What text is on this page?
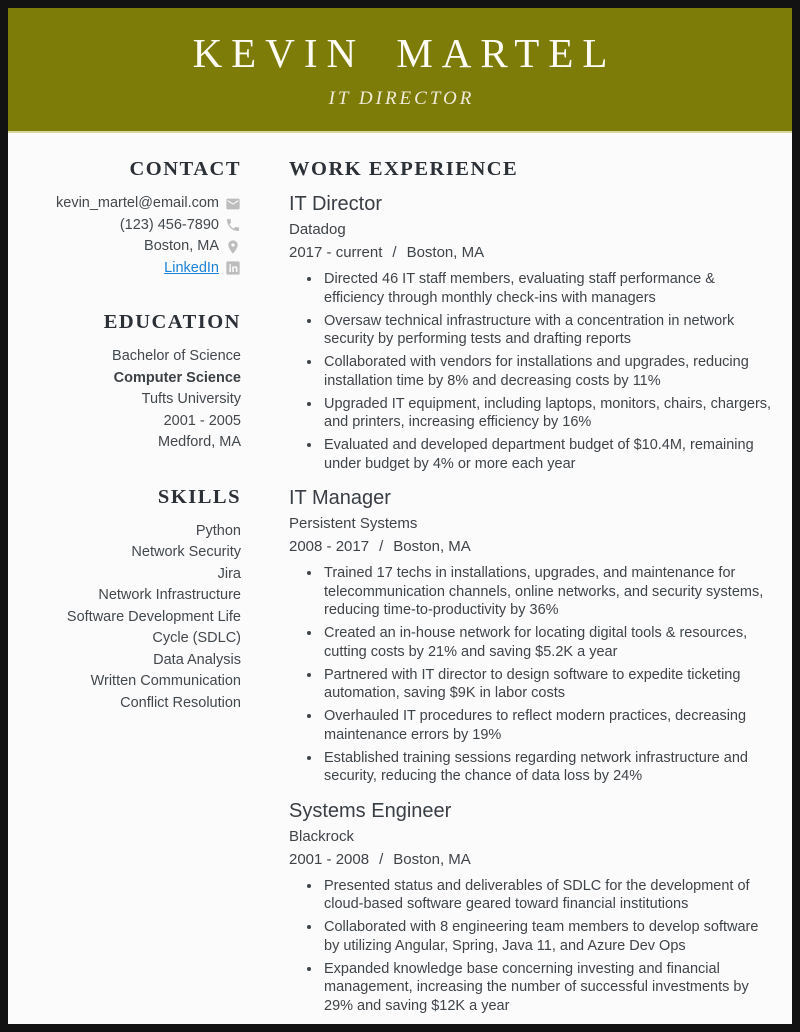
KEVIN MARTEL
IT DIRECTOR
CONTACT
kevin_martel@email.com
(123) 456-7890
Boston, MA
LinkedIn
EDUCATION
Bachelor of Science
Computer Science
Tufts University
2001 - 2005
Medford, MA
SKILLS
Python
Network Security
Jira
Network Infrastructure
Software Development Life Cycle (SDLC)
Data Analysis
Written Communication
Conflict Resolution
WORK EXPERIENCE
IT Director
Datadog
2017 - current / Boston, MA
• Directed 46 IT staff members, evaluating staff performance & efficiency through monthly check-ins with managers
• Oversaw technical infrastructure with a concentration in network security by performing tests and drafting reports
• Collaborated with vendors for installations and upgrades, reducing installation time by 8% and decreasing costs by 11%
• Upgraded IT equipment, including laptops, monitors, chairs, chargers, and printers, increasing efficiency by 16%
• Evaluated and developed department budget of $10.4M, remaining under budget by 4% or more each year
IT Manager
Persistent Systems
2008 - 2017 / Boston, MA
• Trained 17 techs in installations, upgrades, and maintenance for telecommunication channels, online networks, and security systems, reducing time-to-productivity by 36%
• Created an in-house network for locating digital tools & resources, cutting costs by 21% and saving $5.2K a year
• Partnered with IT director to design software to expedite ticketing automation, saving $9K in labor costs
• Overhauled IT procedures to reflect modern practices, decreasing maintenance errors by 19%
• Established training sessions regarding network infrastructure and security, reducing the chance of data loss by 24%
Systems Engineer
Blackrock
2001 - 2008 / Boston, MA
• Presented status and deliverables of SDLC for the development of cloud-based software geared toward financial institutions
• Collaborated with 8 engineering team members to develop software by utilizing Angular, Spring, Java 11, and Azure Dev Ops
• Expanded knowledge base concerning investing and financial management, increasing the number of successful investments by 29% and saving $12K a year
